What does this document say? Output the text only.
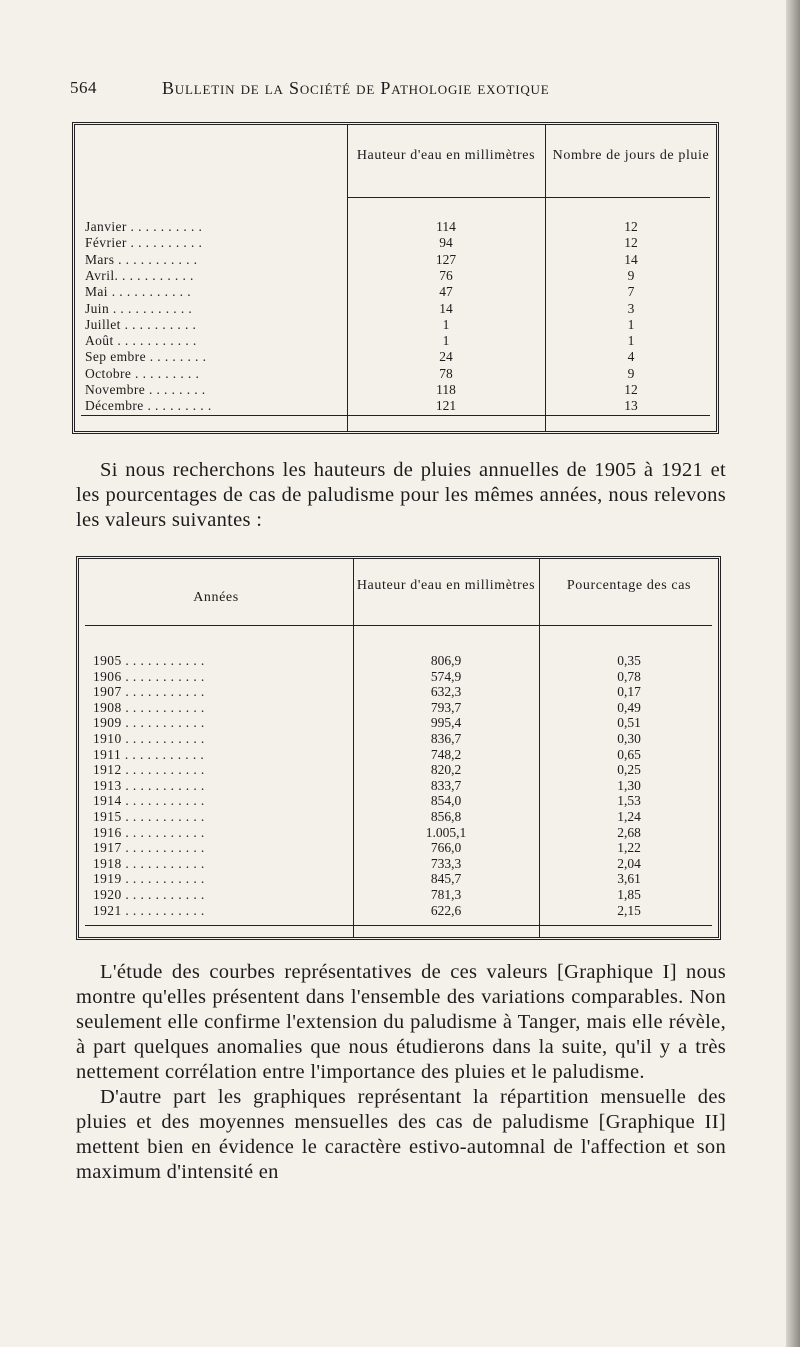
564	Bulletin de la Société de Pathologie exotique
Hauteur d'eau en millimètres	Nombre de jours de pluie
Janvier . . . . . . . . . .	114	12
Février . . . . . . . . . .	94	12
Mars . . . . . . . . . . .	127	14
Avril. . . . . . . . . . .	76	9
Mai . . . . . . . . . . .	47	7
Juin . . . . . . . . . . .	14	3
Juillet . . . . . . . . . .	1	1
Août . . . . . . . . . . .	1	1
Sep embre . . . . . . . .	24	4
Octobre . . . . . . . . .	78	9
Novembre . . . . . . . .	118	12
Décembre . . . . . . . . .	121	13

Si nous recherchons les hauteurs de pluies annuelles de 1905 à 1921 et les pourcentages de cas de paludisme pour les mêmes années, nous relevons les valeurs suivantes :

Années
Hauteur d'eau en millimètres	Pourcentage des cas
1905 . . . . . . . . . . .	806,9	0,35
1906 . . . . . . . . . . .	574,9	0,78
1907 . . . . . . . . . . .	632,3	0,17
1908 . . . . . . . . . . .	793,7	0,49
1909 . . . . . . . . . . .	995,4	0,51
1910 . . . . . . . . . . .	836,7	0,30
1911 . . . . . . . . . . .	748,2	0,65
1912 . . . . . . . . . . .	820,2	0,25
1913 . . . . . . . . . . .	833,7	1,30
1914 . . . . . . . . . . .	854,0	1,53
1915 . . . . . . . . . . .	856,8	1,24
1916 . . . . . . . . . . .	1.005,1	2,68
1917 . . . . . . . . . . .	766,0	1,22
1918 . . . . . . . . . . .	733,3	2,04
1919 . . . . . . . . . . .	845,7	3,61
1920 . . . . . . . . . . .	781,3	1,85
1921 . . . . . . . . . . .	622,6	2,15

L'étude des courbes représentatives de ces valeurs [Graphique I] nous montre qu'elles présentent dans l'ensemble des variations comparables. Non seulement elle confirme l'extension du paludisme à Tanger, mais elle révèle, à part quelques anomalies que nous étudierons dans la suite, qu'il y a très nettement corrélation entre l'importance des pluies et le paludisme.

D'autre part les graphiques représentant la répartition mensuelle des pluies et des moyennes mensuelles des cas de paludisme [Graphique II] mettent bien en évidence le caractère estivo-automnal de l'affection et son maximum d'intensité en
